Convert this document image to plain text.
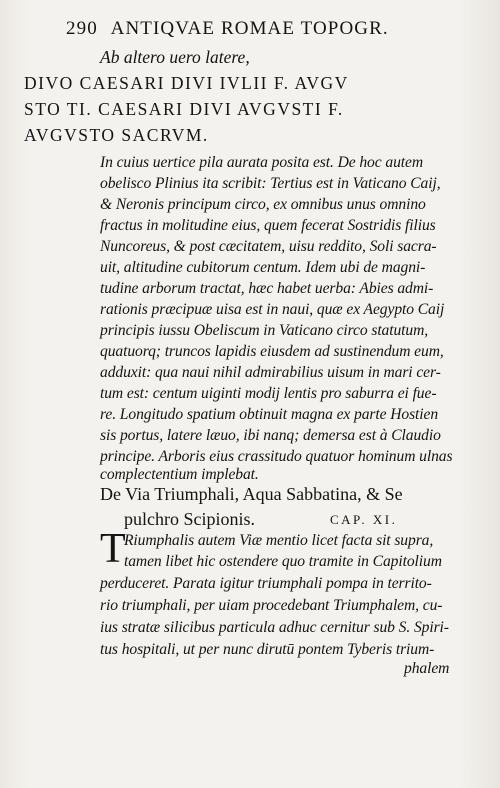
290 ANTIQVAE ROMAE TOPOGR.
Ab altero uero latere,
DIVO CAESARI DIVI IVLII F. AVGV
STO TI. CAESARI DIVI AVGVSTI F.
AVGVSTO SACRVM.
In cuius uertice pila aurata posita est. De hoc autem
obelisco Plinius ita scribit: Tertius est in Vaticano Caij,
& Neronis principum circo, ex omnibus unus omnino
fractus in molitudine eius, quem fecerat Sostridis filius
Nuncoreus, & post cæcitatem, uisu reddito, Soli sacra-
uit, altitudine cubitorum centum. Idem ubi de magni-
tudine arborum tractat, hæc habet uerba: Abies admi-
rationis præcipuæ uisa est in naui, quæ ex Aegypto Caij
principis iussu Obeliscum in Vaticano circo statutum,
quatuorq; truncos lapidis eiusdem ad sustinendum eum,
adduxit: qua naui nihil admirabilius uisum in mari cer-
tum est: centum uiginti modij lentis pro saburra ei fue-
re. Longitudo spatium obtinuit magna ex parte Hostien
sis portus, latere læuo, ibi nanq; demersa est à Claudio
principe. Arboris eius crassitudo quatuor hominum ulnas
complectentium implebat.
De Via Triumphali, Aqua Sabbatina, & Se
pulchro Scipionis.	CAP. XI.
T
Riumphalis autem Viæ mentio licet facta sit supra,
tamen libet hic ostendere quo tramite in Capitolium
perduceret. Parata igitur triumphali pompa in territo-
rio triumphali, per uiam procedebant Triumphalem, cu-
ius stratæ silicibus particula adhuc cernitur sub S. Spiri-
tus hospitali, ut per nunc dirutū pontem Tyberis trium-
phalem
